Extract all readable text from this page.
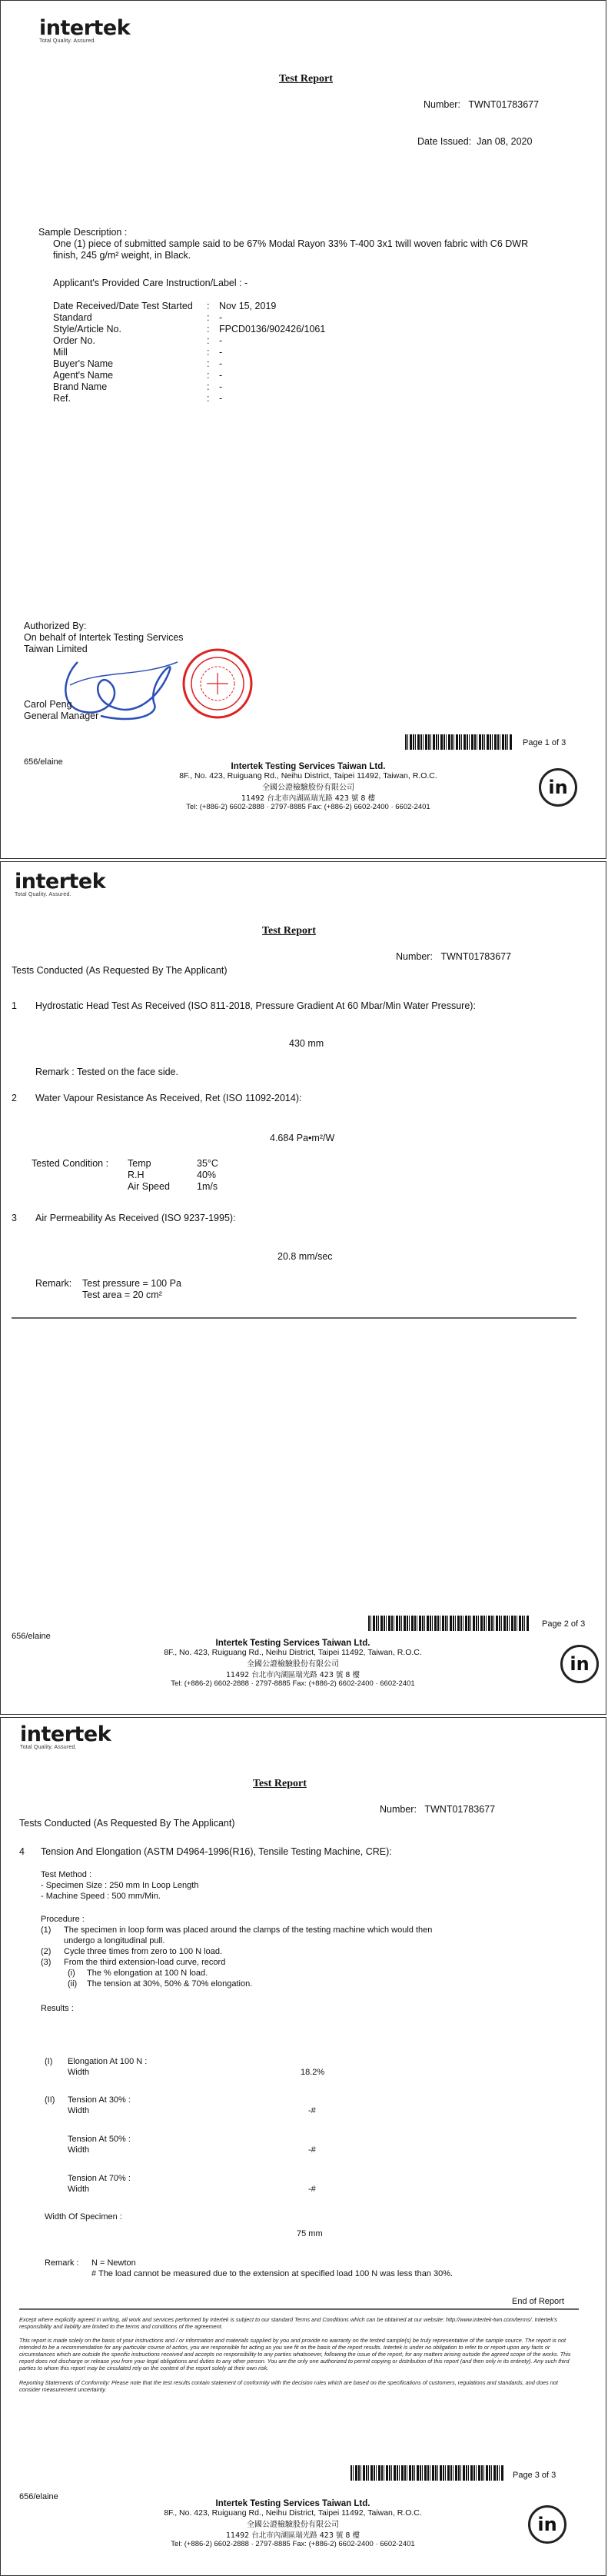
intertek
Total Quality. Assured.
Test Report
Number: TWNT01783677
Date Issued: Jan 08, 2020
Sample Description :
One (1) piece of submitted sample said to be 67% Modal Rayon 33% T-400 3x1 twill woven fabric with C6 DWR
finish, 245 g/m² weight, in Black.
Applicant's Provided Care Instruction/Label : -
Date Received/Date Test Started	:	Nov 15, 2019
Standard	:	-
Style/Article No.	:	FPCD0136/902426/1061
Order No.	:	-
Mill	:	-
Buyer's Name	:	-
Agent's Name	:	-
Brand Name	:	-
Ref.	:	-
Authorized By:
On behalf of Intertek Testing Services
Taiwan Limited
Carol Peng
General Manager
Page 1 of 3
656/elaine	Intertek Testing Services Taiwan Ltd.
8F., No. 423, Ruiguang Rd., Neihu District, Taipei 11492, Taiwan, R.O.C.
全國公證檢驗股份有限公司
11492 台北市內湖區瑞光路 423 號 8 樓
Tel: (+886-2) 6602-2888 · 2797-8885 Fax: (+886-2) 6602-2400 · 6602-2401
in
intertek
Total Quality. Assured.
Test Report
Number: TWNT01783677
Tests Conducted (As Requested By The Applicant)
1 Hydrostatic Head Test As Received (ISO 811-2018, Pressure Gradient At 60 Mbar/Min Water Pressure):
430 mm
Remark : Tested on the face side.
2 Water Vapour Resistance As Received, Ret (ISO 11092-2014):
4.684 Pa•m²/W
Tested Condition : Temp	35°C
R.H	40%
Air Speed	1m/s
3 Air Permeability As Received (ISO 9237-1995):
20.8 mm/sec
Remark: Test pressure = 100 Pa
Test area = 20 cm²
Page 2 of 3
656/elaine
Intertek Testing Services Taiwan Ltd.
8F., No. 423, Ruiguang Rd., Neihu District, Taipei 11492, Taiwan, R.O.C.
全國公證檢驗股份有限公司
11492 台北市內湖區瑞光路 423 號 8 樓
Tel: (+886-2) 6602-2888 · 2797-8885 Fax: (+886-2) 6602-2400 · 6602-2401
in
intertek
Total Quality. Assured.
Test Report
Number: TWNT01783677
Tests Conducted (As Requested By The Applicant)
4 Tension And Elongation (ASTM D4964-1996(R16), Tensile Testing Machine, CRE):
Test Method :
- Specimen Size : 250 mm In Loop Length
- Machine Speed : 500 mm/Min.
Procedure :
(1) The specimen in loop form was placed around the clamps of the testing machine which would then
undergo a longitudinal pull.
(2) Cycle three times from zero to 100 N load.
(3) From the third extension-load curve, record
(i) The % elongation at 100 N load.
(ii) The tension at 30%, 50% & 70% elongation.
Results :
(I) Elongation At 100 N :
Width	18.2%
(II) Tension At 30% :
Width	-#
Tension At 50% :
Width	-#
Tension At 70% :
Width	-#
Width Of Specimen :
75 mm
Remark : N = Newton
# The load cannot be measured due to the extension at specified load 100 N was less than 30%.
End of Report
Except where explicitly agreed in writing, all work and services performed by Intertek is subject to our standard Terms and Conditions which can be obtained at our website: http://www.intertek-twn.com/terms/. Intertek's responsibility and liability are limited to the terms and conditions of the agreement.
This report is made solely on the basis of your instructions and / or information and materials supplied by you and provide no warranty on the tested sample(s) be truly representative of the sample source. The report is not intended to be a recommendation for any particular course of action, you are responsible for acting as you see fit on the basis of the report results. Intertek is under no obligation to refer to or report upon any facts or circumstances which are outside the specific instructions received and accepts no responsibility to any parties whatsoever, following the issue of the report, for any matters arising outside the agreed scope of the works. This report does not discharge or release you from your legal obligations and duties to any other person. You are the only one authorized to permit copying or distribution of this report (and then only in its entirety). Any such third parties to whom this report may be circulated rely on the content of the report solely at their own risk.
Reporting Statements of Conformity: Please note that the test results contain statement of conformity with the decision rules which are based on the specifications of customers, regulations and standards, and does not consider measurement uncertainty.
Page 3 of 3
656/elaine
Intertek Testing Services Taiwan Ltd.
8F., No. 423, Ruiguang Rd., Neihu District, Taipei 11492, Taiwan, R.O.C.
全國公證檢驗股份有限公司
11492 台北市內湖區瑞光路 423 號 8 樓
Tel: (+886-2) 6602-2888 · 2797-8885 Fax: (+886-2) 6602-2400 · 6602-2401
in
